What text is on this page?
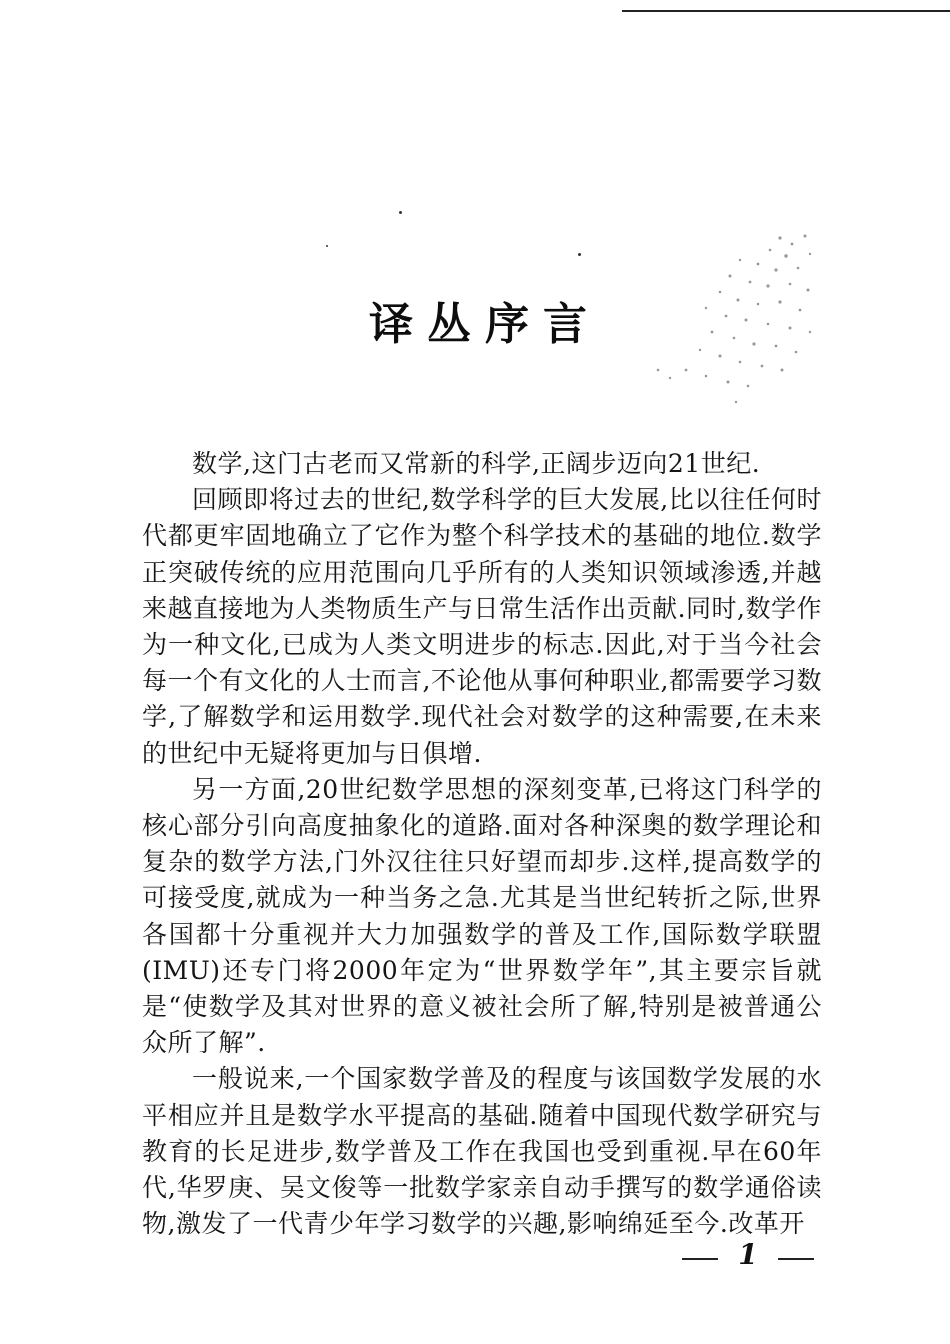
译丛序言

数学,这门古老而又常新的科学,正阔步迈向21世纪.

回顾即将过去的世纪,数学科学的巨大发展,比以往任何时代都更牢固地确立了它作为整个科学技术的基础的地位.数学正突破传统的应用范围向几乎所有的人类知识领域渗透,并越来越直接地为人类物质生产与日常生活作出贡献.同时,数学作为一种文化,已成为人类文明进步的标志.因此,对于当今社会每一个有文化的人士而言,不论他从事何种职业,都需要学习数学,了解数学和运用数学.现代社会对数学的这种需要,在未来的世纪中无疑将更加与日俱增.

另一方面,20世纪数学思想的深刻变革,已将这门科学的核心部分引向高度抽象化的道路.面对各种深奥的数学理论和复杂的数学方法,门外汉往往只好望而却步.这样,提高数学的可接受度,就成为一种当务之急.尤其是当世纪转折之际,世界各国都十分重视并大力加强数学的普及工作,国际数学联盟(IMU)还专门将2000年定为“世界数学年”,其主要宗旨就是“使数学及其对世界的意义被社会所了解,特别是被普通公众所了解”.

一般说来,一个国家数学普及的程度与该国数学发展的水平相应并且是数学水平提高的基础.随着中国现代数学研究与教育的长足进步,数学普及工作在我国也受到重视.早在60年代,华罗庚、吴文俊等一批数学家亲自动手撰写的数学通俗读物,激发了一代青少年学习数学的兴趣,影响绵延至今.改革开

1
